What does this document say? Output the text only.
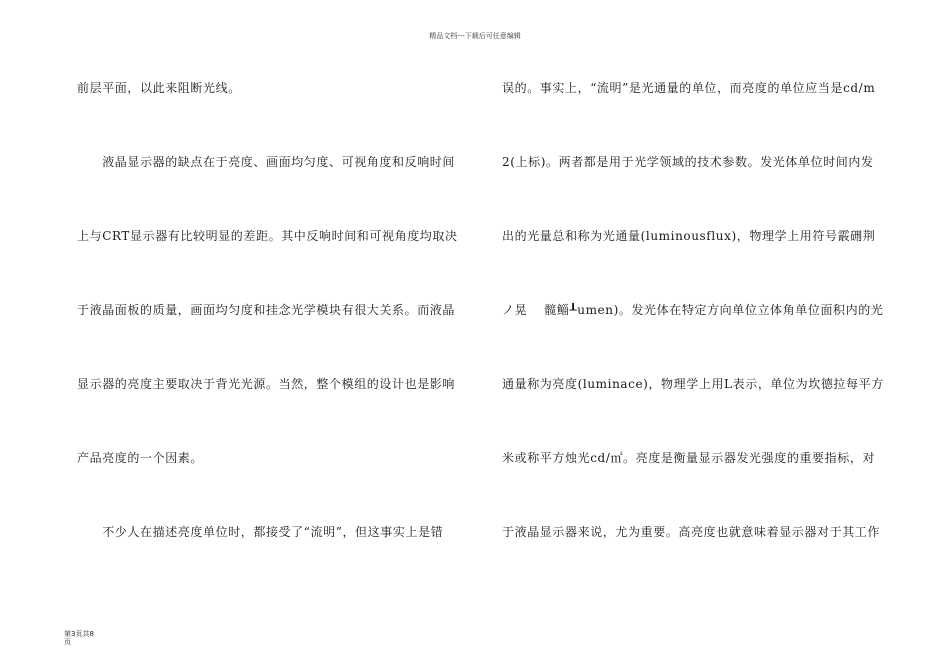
精品文档---下载后可任意编辑
前层平面，以此来阻断光线。
　　液晶显示器的缺点在于亮度、画面均匀度、可视角度和反响时间
上与CRT显示器有比较明显的差距。其中反响时间和可视角度均取决
于液晶面板的质量，画面均匀度和挂念光学模块有很大关系。而液晶
显示器的亮度主要取决于背光光源。当然，整个模组的设计也是影响
产品亮度的一个因素。
　　不少人在描述亮度单位时，都接受了“流明”，但这事实上是错
误的。事实上，“流明”是光通量的单位，而亮度的单位应当是cd/m
2(上标)。两者都是用于光学领域的技术参数。发光体单位时间内发
出的光量总和称为光通量(luminousflux)，物理学上用符号霰硎荆
ノ晃　 髋鲻┸umen)。发光体在特定方向单位立体角单位面积内的光
通量称为亮度(luminace)，物理学上用L表示，单位为坎德拉每平方
米或称平方烛光cd/㎡。亮度是衡量显示器发光强度的重要指标，对
于液晶显示器来说，尤为重要。高亮度也就意味着显示器对于其工作
第3页共8
页
